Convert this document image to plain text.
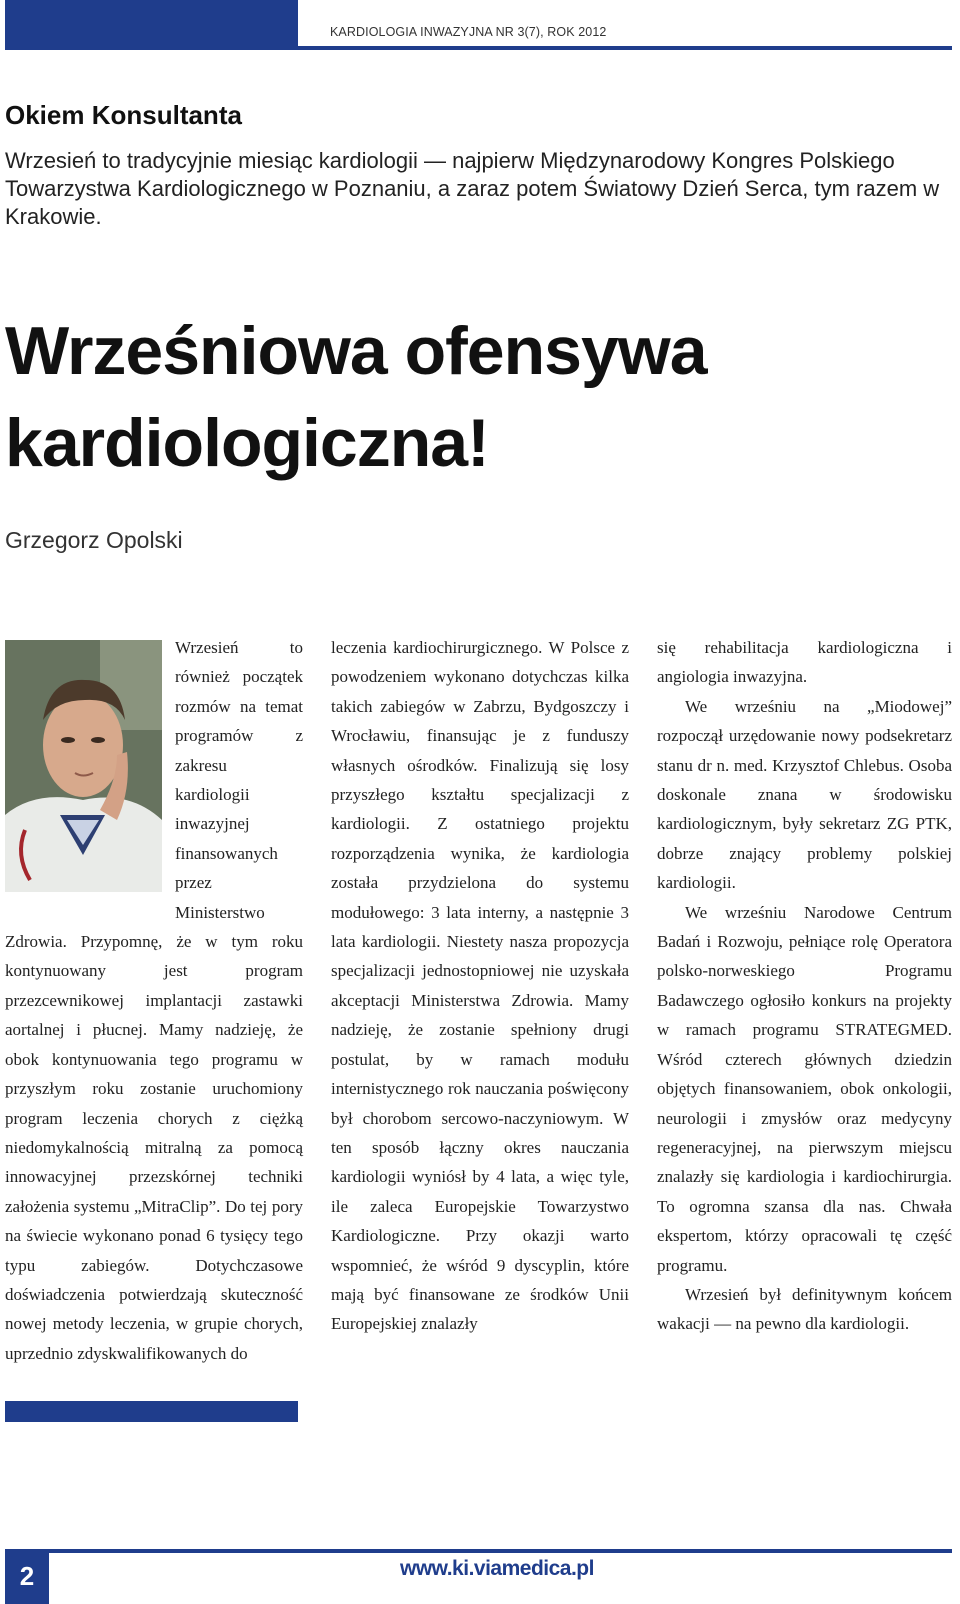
KARDIOLOGIA INWAZYJNA NR 3(7), ROK 2012
Okiem Konsultanta
Wrzesień to tradycyjnie miesiąc kardiologii — najpierw Międzynarodowy Kongres Polskiego Towarzystwa Kardiologicznego w Poznaniu, a zaraz potem Światowy Dzień Serca, tym razem w Krakowie.
Wrześniowa ofensywa
kardiologiczna!
Grzegorz Opolski

Wrzesień to również początek rozmów na temat programów z zakresu kardiologii inwazyjnej finansowanych przez Ministerstwo Zdrowia. Przypomnę, że w tym roku kontynuowany jest program przezcewnikowej implantacji zastawki aortalnej i płucnej. Mamy nadzieję, że obok kontynuowania tego programu w przyszłym roku zostanie uruchomiony program leczenia chorych z ciężką niedomykalnością mitralną za pomocą innowacyjnej przezskórnej techniki założenia systemu „MitraClip”. Do tej pory na świecie wykonano ponad 6 tysięcy tego typu zabiegów. Dotychczasowe doświadczenia potwierdzają skuteczność nowej metody leczenia, w grupie chorych, uprzednio zdyskwalifikowanych do

leczenia kardiochirurgicznego. W Polsce z powodzeniem wykonano dotychczas kilka takich zabiegów w Zabrzu, Bydgoszczy i Wrocławiu, finansując je z funduszy własnych ośrodków. Finalizują się losy przyszłego kształtu specjalizacji z kardiologii. Z ostatniego projektu rozporządzenia wynika, że kardiologia została przydzielona do systemu modułowego: 3 lata interny, a następnie 3 lata kardiologii. Niestety nasza propozycja specjalizacji jednostopniowej nie uzyskała akceptacji Ministerstwa Zdrowia. Mamy nadzieję, że zostanie spełniony drugi postulat, by w ramach modułu internistycznego rok nauczania poświęcony był chorobom sercowo-naczyniowym. W ten sposób łączny okres nauczania kardiologii wyniósł by 4 lata, a więc tyle, ile zaleca Europejskie Towarzystwo Kardiologiczne. Przy okazji warto wspomnieć, że wśród 9 dyscyplin, które mają być finansowane ze środków Unii Europejskiej znalazły

się rehabilitacja kardiologiczna i angiologia inwazyjna.

We wrześniu na „Miodowej” rozpoczął urzędowanie nowy podsekretarz stanu dr n. med. Krzysztof Chlebus. Osoba doskonale znana w środowisku kardiologicznym, były sekretarz ZG PTK, dobrze znający problemy polskiej kardiologii.

We wrześniu Narodowe Centrum Badań i Rozwoju, pełniące rolę Operatora polsko-norweskiego Programu Badawczego ogłosiło konkurs na projekty w ramach programu STRATEGMED. Wśród czterech głównych dziedzin objętych finansowaniem, obok onkologii, neurologii i zmysłów oraz medycyny regeneracyjnej, na pierwszym miejscu znalazły się kardiologia i kardiochirurgia. To ogromna szansa dla nas. Chwała ekspertom, którzy opracowali tę część programu.

Wrzesień był definitywnym końcem wakacji — na pewno dla kardiologii.

2	www.ki.viamedica.pl
